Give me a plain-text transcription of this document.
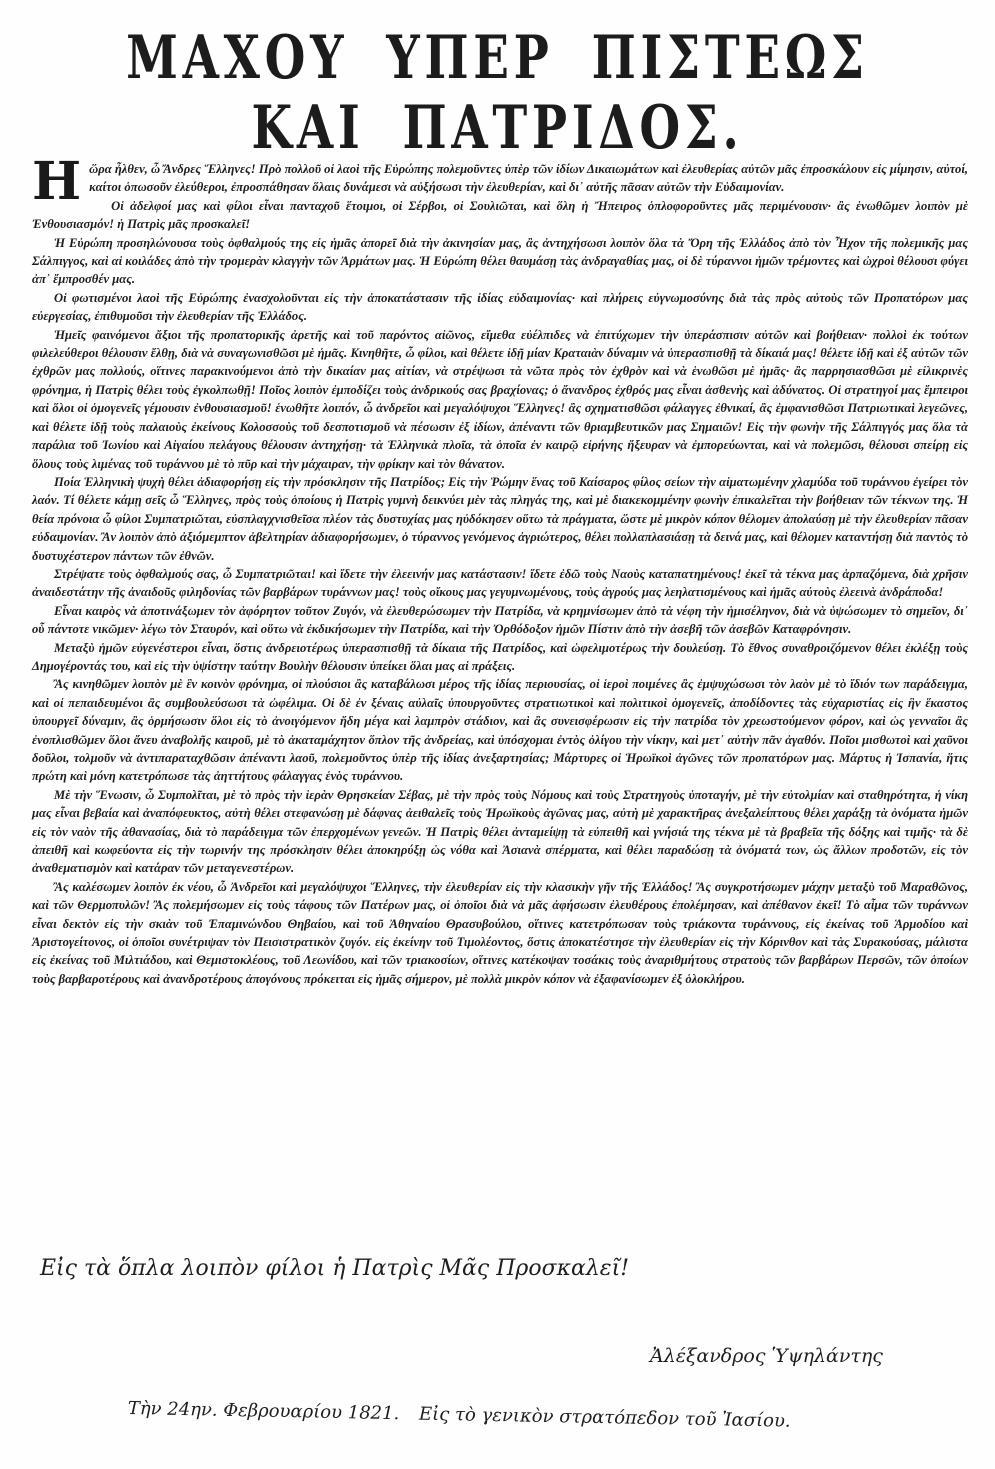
ΜΑΧΟΥ ΥΠΕΡ ΠΙΣΤΕΩΣ
ΚΑΙ ΠΑΤΡΙΔΟΣ.

Ηὥρα ἦλθεν, ὦ Ἄνδρες Ἕλληνες! Πρὸ πολλοῦ οἱ λαοὶ τῆς Εὐρώπης πολεμοῦντες ὑπὲρ τῶν ἰδίων Δικαιωμάτων καὶ ἐλευθερίας αὐτῶν μᾶς ἐπροσκάλουν εἰς μίμησιν, αὐτοί, καίτοι ὁπωσοῦν ἐλεύθεροι, ἐπροσπάθησαν ὅλαις δυνάμεσι νὰ αὐξήσωσι τὴν ἐλευθερίαν, καὶ δι᾽ αὐτῆς πᾶσαν αὐτῶν τὴν Εὐδαιμονίαν.

Οἱ ἀδελφοί μας καὶ φίλοι εἶναι πανταχοῦ ἕτοιμοι, οἱ Σέρβοι, οἱ Σουλιῶται, καὶ ὅλη ἡ Ἤπειρος ὁπλοφοροῦντες μᾶς περιμένουσιν· ἂς ἑνωθῶμεν λοιπὸν μὲ Ἐνθουσιασμόν! ἡ Πατρὶς μᾶς προσκαλεῖ!

Ἡ Εὐρώπη προσηλώνουσα τοὺς ὀφθαλμούς της εἰς ἡμᾶς ἀπορεῖ διὰ τὴν ἀκινησίαν μας, ἂς ἀντηχήσωσι λοιπὸν ὅλα τὰ Ὄρη τῆς Ἑλλάδος ἀπὸ τὸν Ἦχον τῆς πολεμικῆς μας Σάλπιγγος, καὶ αἱ κοιλάδες ἀπὸ τὴν τρομερὰν κλαγγὴν τῶν Ἀρμάτων μας. Ἡ Εὐρώπη θέλει θαυμάσῃ τὰς ἀνδραγαθίας μας, οἱ δὲ τύραννοι ἡμῶν τρέμοντες καὶ ὠχροὶ θέλουσι φύγει ἀπ᾽ ἔμπροσθέν μας.

Οἱ φωτισμένοι λαοὶ τῆς Εὐρώπης ἐνασχολοῦνται εἰς τὴν ἀποκατάστασιν τῆς ἰδίας εὐδαιμονίας· καὶ πλήρεις εὐγνωμοσύνης διὰ τὰς πρὸς αὐτοὺς τῶν Προπατόρων μας εὐεργεσίας, ἐπιθυμοῦσι τὴν ἐλευθερίαν τῆς Ἑλλάδος.

Ἡμεῖς φαινόμενοι ἄξιοι τῆς προπατορικῆς ἀρετῆς καὶ τοῦ παρόντος αἰῶνος, εἴμεθα εὐέλπιδες νὰ ἐπιτύχωμεν τὴν ὑπεράσπισιν αὐτῶν καὶ βοήθειαν· πολλοὶ ἐκ τούτων φιλελεύθεροι θέλουσιν ἔλθῃ, διὰ νὰ συναγωνισθῶσι μὲ ἡμᾶς. Κινηθῆτε, ὦ φίλοι, καὶ θέλετε ἰδῇ μίαν Κραταιὰν δύναμιν νὰ ὑπερασπισθῇ τὰ δίκαιά μας! θέλετε ἰδῇ καὶ ἐξ αὐτῶν τῶν ἐχθρῶν μας πολλούς, οἵτινες παρακινούμενοι ἀπὸ τὴν δικαίαν μας αἰτίαν, νὰ στρέψωσι τὰ νῶτα πρὸς τὸν ἐχθρὸν καὶ νὰ ἑνωθῶσι μὲ ἡμᾶς· ἂς παρρησιασθῶσι μὲ εἰλικρινὲς φρόνημα, ἡ Πατρὶς θέλει τοὺς ἐγκολπωθῇ! Ποῖος λοιπὸν ἐμποδίζει τοὺς ἀνδρικούς σας βραχίονας; ὁ ἄνανδρος ἐχθρός μας εἶναι ἀσθενὴς καὶ ἀδύνατος. Οἱ στρατηγοί μας ἔμπειροι καὶ ὅλοι οἱ ὁμογενεῖς γέμουσιν ἐνθουσιασμοῦ! ἑνωθῆτε λοιπόν, ὦ ἀνδρεῖοι καὶ μεγαλόψυχοι Ἕλληνες! ἂς σχηματισθῶσι φάλαγγες ἐθνικαί, ἂς ἐμφανισθῶσι Πατριωτικαὶ λεγεῶνες, καὶ θέλετε ἰδῇ τοὺς παλαιοὺς ἐκείνους Κολοσσοὺς τοῦ δεσποτισμοῦ νὰ πέσωσιν ἐξ ἰδίων, ἀπέναντι τῶν θριαμβευτικῶν μας Σημαιῶν! Εἰς τὴν φωνὴν τῆς Σάλπιγγός μας ὅλα τὰ παράλια τοῦ Ἰωνίου καὶ Αἰγαίου πελάγους θέλουσιν ἀντηχήσῃ· τὰ Ἑλληνικὰ πλοῖα, τὰ ὁποῖα ἐν καιρῷ εἰρήνης ἤξευραν νὰ ἐμπορεύωνται, καὶ νὰ πολεμῶσι, θέλουσι σπείρῃ εἰς ὅλους τοὺς λιμένας τοῦ τυράννου μὲ τὸ πῦρ καὶ τὴν μάχαιραν, τὴν φρίκην καὶ τὸν θάνατον.

Ποία Ἑλληνικὴ ψυχὴ θέλει ἀδιαφορήσῃ εἰς τὴν πρόσκλησιν τῆς Πατρίδος; Εἰς τὴν Ῥώμην ἕνας τοῦ Καίσαρος φίλος σείων τὴν αἱματωμένην χλαμύδα τοῦ τυράννου ἐγείρει τὸν λαόν. Τί θέλετε κάμῃ σεῖς ὦ Ἕλληνες, πρὸς τοὺς ὁποίους ἡ Πατρὶς γυμνὴ δεικνύει μὲν τὰς πληγάς της, καὶ μὲ διακεκομμένην φωνὴν ἐπικαλεῖται τὴν βοήθειαν τῶν τέκνων της. Ἡ θεία πρόνοια ὦ φίλοι Συμπατριῶται, εὐσπλαγχνισθεῖσα πλέον τὰς δυστυχίας μας ηὐδόκησεν οὕτω τὰ πράγματα, ὥστε μὲ μικρὸν κόπον θέλομεν ἀπολαύσῃ μὲ τὴν ἐλευθερίαν πᾶσαν εὐδαιμονίαν. Ἂν λοιπὸν ἀπὸ ἀξιόμεμπτον ἀβελτηρίαν ἀδιαφορήσωμεν, ὁ τύραννος γενόμενος ἀγριώτερος, θέλει πολλαπλασιάσῃ τὰ δεινά μας, καὶ θέλομεν καταντήσῃ διὰ παντὸς τὸ δυστυχέστερον πάντων τῶν ἐθνῶν.

Στρέψατε τοὺς ὀφθαλμούς σας, ὦ Συμπατριῶται! καὶ ἴδετε τὴν ἐλεεινήν μας κατάστασιν! ἴδετε ἐδῶ τοὺς Ναοὺς καταπατημένους! ἐκεῖ τὰ τέκνα μας ἁρπαζόμενα, διὰ χρῆσιν ἀναιδεστάτην τῆς ἀναιδοῦς φιληδονίας τῶν βαρβάρων τυράννων μας! τοὺς οἴκους μας γεγυμνωμένους, τοὺς ἀγρούς μας λεηλατισμένους καὶ ἡμᾶς αὐτοὺς ἐλεεινὰ ἀνδράποδα!

Εἶναι καιρὸς νὰ ἀποτινάξωμεν τὸν ἀφόρητον τοῦτον Ζυγόν, νὰ ἐλευθερώσωμεν τὴν Πατρίδα, νὰ κρημνίσωμεν ἀπὸ τὰ νέφη τὴν ἡμισέληνον, διὰ νὰ ὑψώσωμεν τὸ σημεῖον, δι᾽ οὗ πάντοτε νικῶμεν· λέγω τὸν Σταυρόν, καὶ οὕτω νὰ ἐκδικήσωμεν τὴν Πατρίδα, καὶ τὴν Ὀρθόδοξον ἡμῶν Πίστιν ἀπὸ τὴν ἀσεβῆ τῶν ἀσεβῶν Καταφρόνησιν.

Μεταξὺ ἡμῶν εὐγενέστεροι εἶναι, ὅστις ἀνδρειοτέρως ὑπερασπισθῇ τὰ δίκαια τῆς Πατρίδος, καὶ ὠφελιμοτέρως τὴν δουλεύσῃ. Τὸ ἔθνος συναθροιζόμενον θέλει ἐκλέξῃ τοὺς Δημογέροντάς του, καὶ εἰς τὴν ὑψίστην ταύτην Βουλὴν θέλουσιν ὑπείκει ὅλαι μας αἱ πράξεις.

Ἂς κινηθῶμεν λοιπὸν μὲ ἓν κοινὸν φρόνημα, οἱ πλούσιοι ἂς καταβάλωσι μέρος τῆς ἰδίας περιουσίας, οἱ ἱεροὶ ποιμένες ἂς ἐμψυχώσωσι τὸν λαὸν μὲ τὸ ἴδιόν των παράδειγμα, καὶ οἱ πεπαιδευμένοι ἂς συμβουλεύσωσι τὰ ὠφέλιμα. Οἱ δὲ ἐν ξέναις αὐλαῖς ὑπουργοῦντες στρατιωτικοὶ καὶ πολιτικοὶ ὁμογενεῖς, ἀποδίδοντες τὰς εὐχαριστίας εἰς ἣν ἕκαστος ὑπουργεῖ δύναμιν, ἂς ὁρμήσωσιν ὅλοι εἰς τὸ ἀνοιγόμενον ἤδη μέγα καὶ λαμπρὸν στάδιον, καὶ ἂς συνεισφέρωσιν εἰς τὴν πατρίδα τὸν χρεωστούμενον φόρον, καὶ ὡς γενναῖοι ἂς ἐνοπλισθῶμεν ὅλοι ἄνευ ἀναβολῆς καιροῦ, μὲ τὸ ἀκαταμάχητον ὅπλον τῆς ἀνδρείας, καὶ ὑπόσχομαι ἐντὸς ὀλίγου τὴν νίκην, καὶ μετ᾽ αὐτὴν πᾶν ἀγαθόν. Ποῖοι μισθωτοὶ καὶ χαῦνοι δοῦλοι, τολμοῦν νὰ ἀντιπαραταχθῶσιν ἀπέναντι λαοῦ, πολεμοῦντος ὑπὲρ τῆς ἰδίας ἀνεξαρτησίας; Μάρτυρες οἱ Ἡρωϊκοὶ ἀγῶνες τῶν προπατόρων μας. Μάρτυς ἡ Ἰσπανία, ἥτις πρώτη καὶ μόνη κατετρόπωσε τὰς ἀηττήτους φάλαγγας ἑνὸς τυράννου.

Μὲ τὴν Ἕνωσιν, ὦ Συμπολῖται, μὲ τὸ πρὸς τὴν ἱερὰν Θρησκείαν Σέβας, μὲ τὴν πρὸς τοὺς Νόμους καὶ τοὺς Στρατηγοὺς ὑποταγήν, μὲ τὴν εὐτολμίαν καὶ σταθηρότητα, ἡ νίκη μας εἶναι βεβαία καὶ ἀναπόφευκτος, αὐτὴ θέλει στεφανώσῃ μὲ δάφνας ἀειθαλεῖς τοὺς Ἡρωϊκοὺς ἀγῶνας μας, αὐτὴ μὲ χαρακτῆρας ἀνεξαλείπτους θέλει χαράξῃ τὰ ὀνόματα ἡμῶν εἰς τὸν ναὸν τῆς ἀθανασίας, διὰ τὸ παράδειγμα τῶν ἐπερχομένων γενεῶν. Ἡ Πατρὶς θέλει ἀνταμείψῃ τὰ εὐπειθῆ καὶ γνήσιά της τέκνα μὲ τὰ βραβεῖα τῆς δόξης καὶ τιμῆς· τὰ δὲ ἀπειθῆ καὶ κωφεύοντα εἰς τὴν τωρινήν της πρόσκλησιν θέλει ἀποκηρύξῃ ὡς νόθα καὶ Ἀσιανὰ σπέρματα, καὶ θέλει παραδώσῃ τὰ ὀνόματά των, ὡς ἄλλων προδοτῶν, εἰς τὸν ἀναθεματισμὸν καὶ κατάραν τῶν μεταγενεστέρων.

Ἂς καλέσωμεν λοιπὸν ἐκ νέου, ὦ Ἀνδρεῖοι καὶ μεγαλόψυχοι Ἕλληνες, τὴν ἐλευθερίαν εἰς τὴν κλασικὴν γῆν τῆς Ἑλλάδος! Ἂς συγκροτήσωμεν μάχην μεταξὺ τοῦ Μαραθῶνος, καὶ τῶν Θερμοπυλῶν! Ἂς πολεμήσωμεν εἰς τοὺς τάφους τῶν Πατέρων μας, οἱ ὁποῖοι διὰ νὰ μᾶς ἀφήσωσιν ἐλευθέρους ἐπολέμησαν, καὶ ἀπέθανον ἐκεῖ! Τὸ αἷμα τῶν τυράννων εἶναι δεκτὸν εἰς τὴν σκιὰν τοῦ Ἐπαμινώνδου Θηβαίου, καὶ τοῦ Ἀθηναίου Θρασυβούλου, οἵτινες κατετρόπωσαν τοὺς τριάκοντα τυράννους, εἰς ἐκείνας τοῦ Ἁρμοδίου καὶ Ἀριστογείτονος, οἱ ὁποῖοι συνέτριψαν τὸν Πεισιστρατικὸν ζυγόν. εἰς ἐκείνην τοῦ Τιμολέοντος, ὅστις ἀποκατέστησε τὴν ἐλευθερίαν εἰς τὴν Κόρινθον καὶ τὰς Συρακούσας, μάλιστα εἰς ἐκείνας τοῦ Μιλτιάδου, καὶ Θεμιστοκλέους, τοῦ Λεωνίδου, καὶ τῶν τριακοσίων, οἵτινες κατέκοψαν τοσάκις τοὺς ἀναριθμήτους στρατοὺς τῶν βαρβάρων Περσῶν, τῶν ὁποίων τοὺς βαρβαροτέρους καὶ ἀνανδροτέρους ἀπογόνους πρόκειται εἰς ἡμᾶς σήμερον, μὲ πολλὰ μικρὸν κόπον νὰ ἐξαφανίσωμεν ἐξ ὁλοκλήρου.

Εἰς τὰ ὅπλα λοιπὸν φίλοι ἡ Πατρὶς Μᾶς Προσκαλεῖ!
Ἀλέξανδρος Ὑψηλάντης
Τὴν 24ην. Φεβρουαρίου 1821. Εἰς τὸ γενικὸν στρατόπεδον τοῦ Ἰασίου.
